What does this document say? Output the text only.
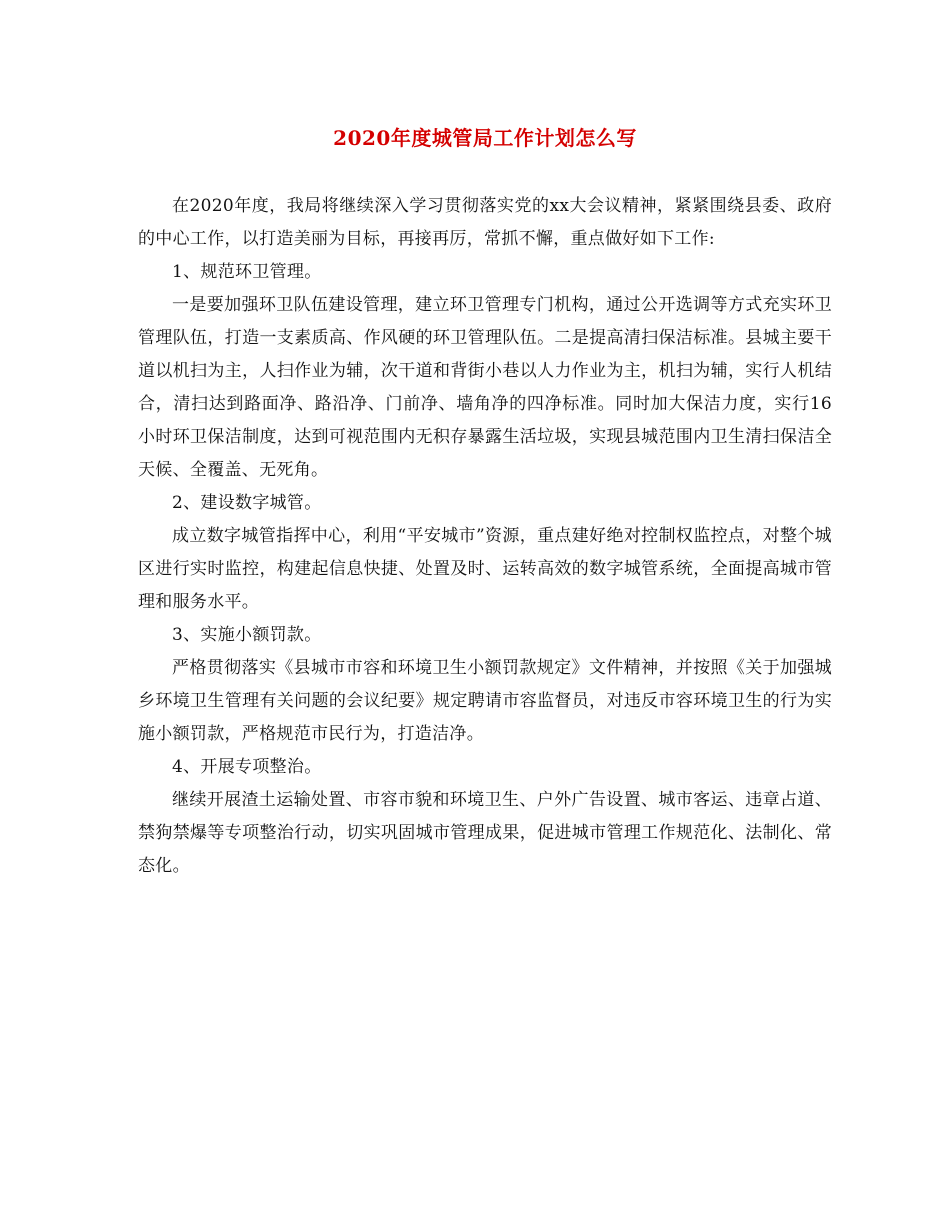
2020年度城管局工作计划怎么写

在2020年度，我局将继续深入学习贯彻落实党的xx大会议精神，紧紧围绕县委、政府的中心工作，以打造美丽为目标，再接再厉，常抓不懈，重点做好如下工作:

1、规范环卫管理。

一是要加强环卫队伍建设管理，建立环卫管理专门机构，通过公开选调等方式充实环卫管理队伍，打造一支素质高、作风硬的环卫管理队伍。二是提高清扫保洁标准。县城主要干道以机扫为主，人扫作业为辅，次干道和背街小巷以人力作业为主，机扫为辅，实行人机结合，清扫达到路面净、路沿净、门前净、墙角净的四净标准。同时加大保洁力度，实行16小时环卫保洁制度，达到可视范围内无积存暴露生活垃圾，实现县城范围内卫生清扫保洁全天候、全覆盖、无死角。

2、建设数字城管。

成立数字城管指挥中心，利用“平安城市”资源，重点建好绝对控制权监控点，对整个城区进行实时监控，构建起信息快捷、处置及时、运转高效的数字城管系统，全面提高城市管理和服务水平。

3、实施小额罚款。

严格贯彻落实《县城市市容和环境卫生小额罚款规定》文件精神，并按照《关于加强城乡环境卫生管理有关问题的会议纪要》规定聘请市容监督员，对违反市容环境卫生的行为实施小额罚款，严格规范市民行为，打造洁净。

4、开展专项整治。

继续开展渣土运输处置、市容市貌和环境卫生、户外广告设置、城市客运、违章占道、禁狗禁爆等专项整治行动，切实巩固城市管理成果，促进城市管理工作规范化、法制化、常态化。
